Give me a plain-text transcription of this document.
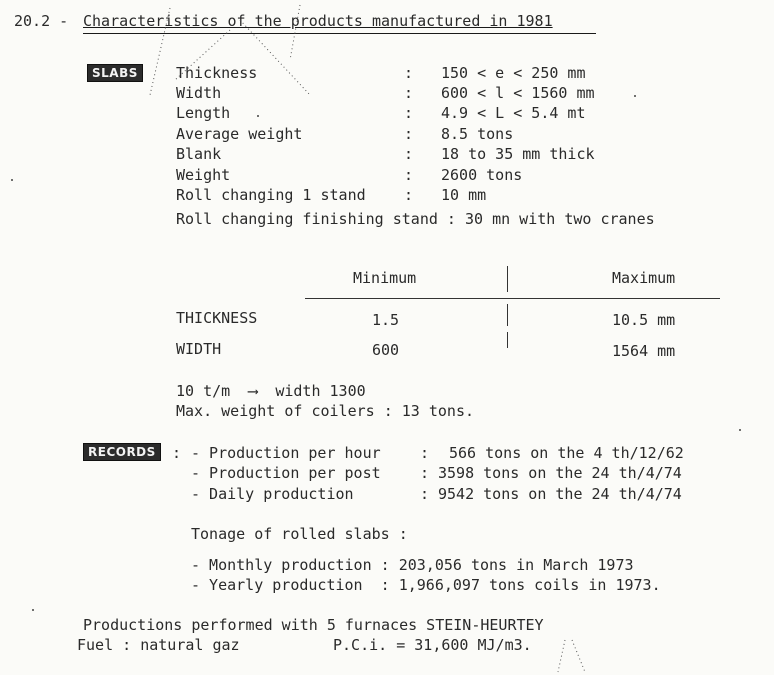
20.2 - Characteristics of the products manufactured in 1981
SLABS	Thickness	: 150 < e < 250 mm
Width	: 600 < l < 1560 mm
Length	: 4.9 < L < 5.4 mt
Average weight	: 8.5 tons
Blank	: 18 to 35 mm thick
Weight	: 2600 tons
Roll changing 1 stand	: 10 mm
Roll changing finishing stand : 30 mn with two cranes
Minimum	Maximum
THICKNESS	1.5	10.5 mm
WIDTH	600	1564 mm
10 t/m  ⟶  width 1300
Max. weight of coilers : 13 tons.
RECORDS	: - Production per hour	: 566 tons on the 4 th/12/62
- Production per post	: 3598 tons on the 24 th/4/74
- Daily production	: 9542 tons on the 24 th/4/74
Tonage of rolled slabs :
- Monthly production : 203,056 tons in March 1973
- Yearly production  : 1,966,097 tons coils in 1973.
Productions performed with 5 furnaces STEIN-HEURTEY
Fuel : natural gaz	P.C.i. = 31,600 MJ/m3.
